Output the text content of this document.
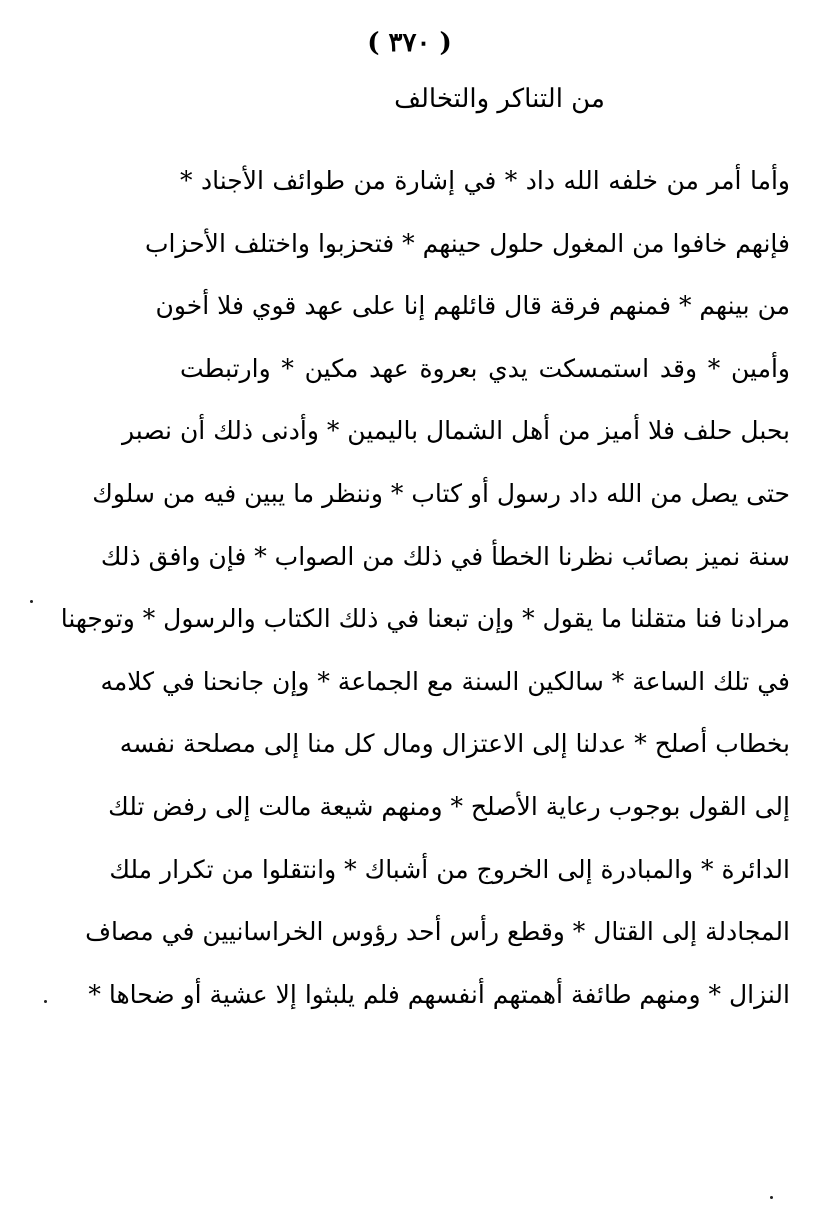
( ٣٧٠ )
من التناكر والتخالف
وأما أمر من خلفه الله داد * في إشارة من طوائف الأجناد *
فإنهم خافوا من المغول حلول حينهم * فتحزبوا واختلف الأحزاب
من بينهم * فمنهم فرقة قال قائلهم إنا على عهد قوي فلا أخون
وأمين * وقد استمسكت يدي بعروة عهد مكين * وارتبطت
بحبل حلف فلا أميز من أهل الشمال باليمين * وأدنى ذلك أن نصبر
حتى يصل من الله داد رسول أو كتاب * وننظر ما يبين فيه من سلوك
سنة نميز بصائب نظرنا الخطأ في ذلك من الصواب * فإن وافق ذلك
مرادنا فنا متقلنا ما يقول * وإن تبعنا في ذلك الكتاب والرسول * وتوجهنا
في تلك الساعة * سالكين السنة مع الجماعة * وإن جانحنا في كلامه
بخطاب أصلح * عدلنا إلى الاعتزال ومال كل منا إلى مصلحة نفسه
إلى القول بوجوب رعاية الأصلح * ومنهم شيعة مالت إلى رفض تلك
الدائرة * والمبادرة إلى الخروج من أشباك * وانتقلوا من تكرار ملك
المجادلة إلى القتال * وقطع رأس أحد رؤوس الخراسانيين في مصاف
النزال * ومنهم طائفة أهمتهم أنفسهم فلم يلبثوا إلا عشية أو ضحاها *
